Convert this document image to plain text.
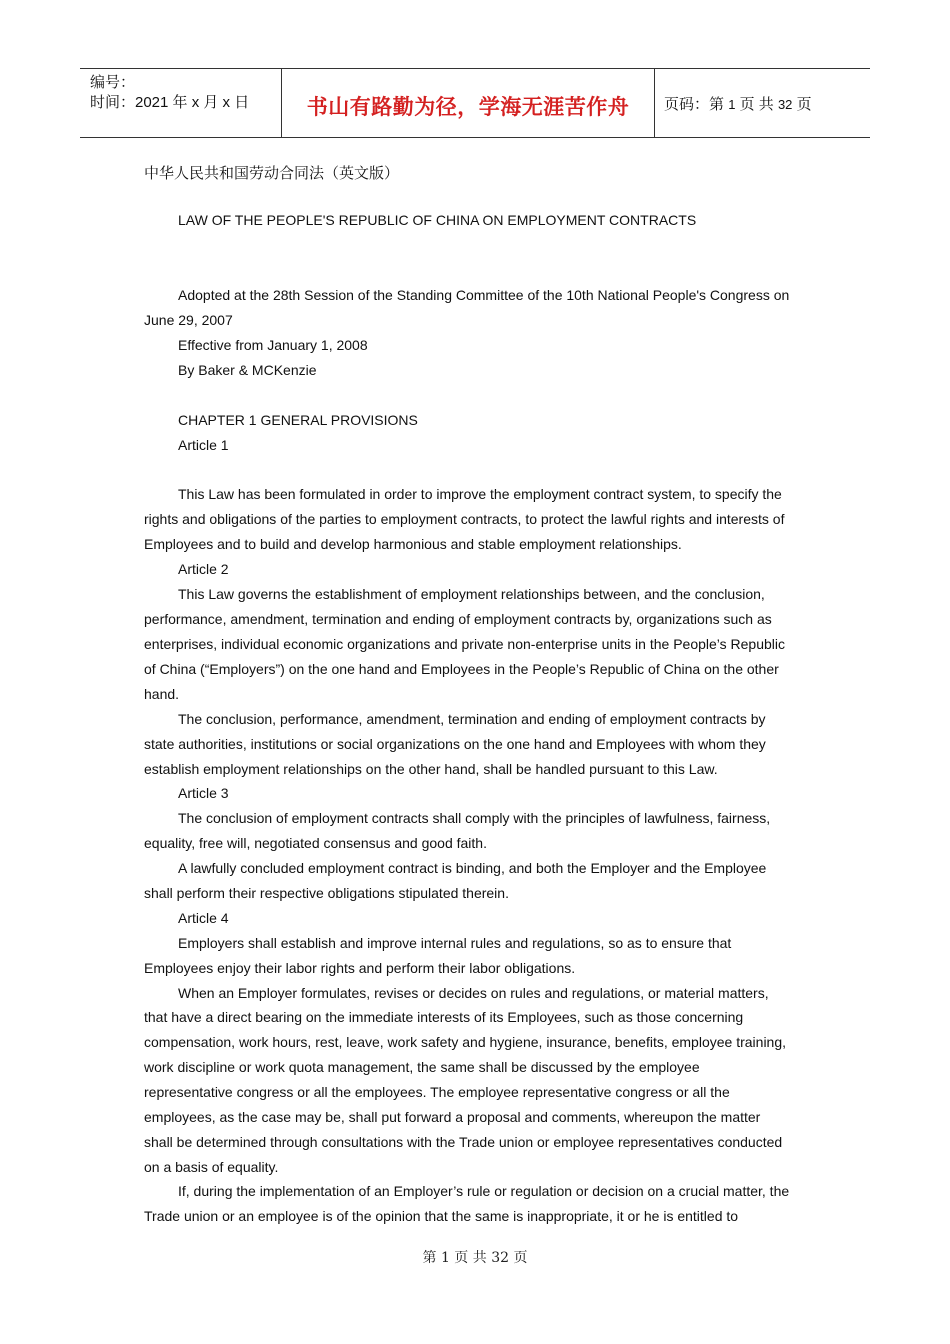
编号：
时间：2021 年 x 月 x 日	书山有路勤为径，学海无涯苦作舟	页码：第 1 页 共 32 页
中华人民共和国劳动合同法（英文版）
LAW OF THE PEOPLE'S REPUBLIC OF CHINA ON EMPLOYMENT CONTRACTS
Adopted at the 28th Session of the Standing Committee of the 10th National People's Congress on
June 29, 2007
Effective from January 1, 2008
By Baker & MCKenzie
CHAPTER 1 GENERAL PROVISIONS
Article 1
This Law has been formulated in order to improve the employment contract system, to specify the
rights and obligations of the parties to employment contracts, to protect the lawful rights and interests of
Employees and to build and develop harmonious and stable employment relationships.
Article 2
This Law governs the establishment of employment relationships between, and the conclusion,
performance, amendment, termination and ending of employment contracts by, organizations such as
enterprises, individual economic organizations and private non-enterprise units in the People’s Republic
of China (“Employers”) on the one hand and Employees in the People’s Republic of China on the other
hand.
The conclusion, performance, amendment, termination and ending of employment contracts by
state authorities, institutions or social organizations on the one hand and Employees with whom they
establish employment relationships on the other hand, shall be handled pursuant to this Law.
Article 3
The conclusion of employment contracts shall comply with the principles of lawfulness, fairness,
equality, free will, negotiated consensus and good faith.
A lawfully concluded employment contract is binding, and both the Employer and the Employee
shall perform their respective obligations stipulated therein.
Article 4
Employers shall establish and improve internal rules and regulations, so as to ensure that
Employees enjoy their labor rights and perform their labor obligations.
When an Employer formulates, revises or decides on rules and regulations, or material matters,
that have a direct bearing on the immediate interests of its Employees, such as those concerning
compensation, work hours, rest, leave, work safety and hygiene, insurance, benefits, employee training,
work discipline or work quota management, the same shall be discussed by the employee
representative congress or all the employees. The employee representative congress or all the
employees, as the case may be, shall put forward a proposal and comments, whereupon the matter
shall be determined through consultations with the Trade union or employee representatives conducted
on a basis of equality.
If, during the implementation of an Employer’s rule or regulation or decision on a crucial matter, the
Trade union or an employee is of the opinion that the same is inappropriate, it or he is entitled to
第 1 页 共 32 页
